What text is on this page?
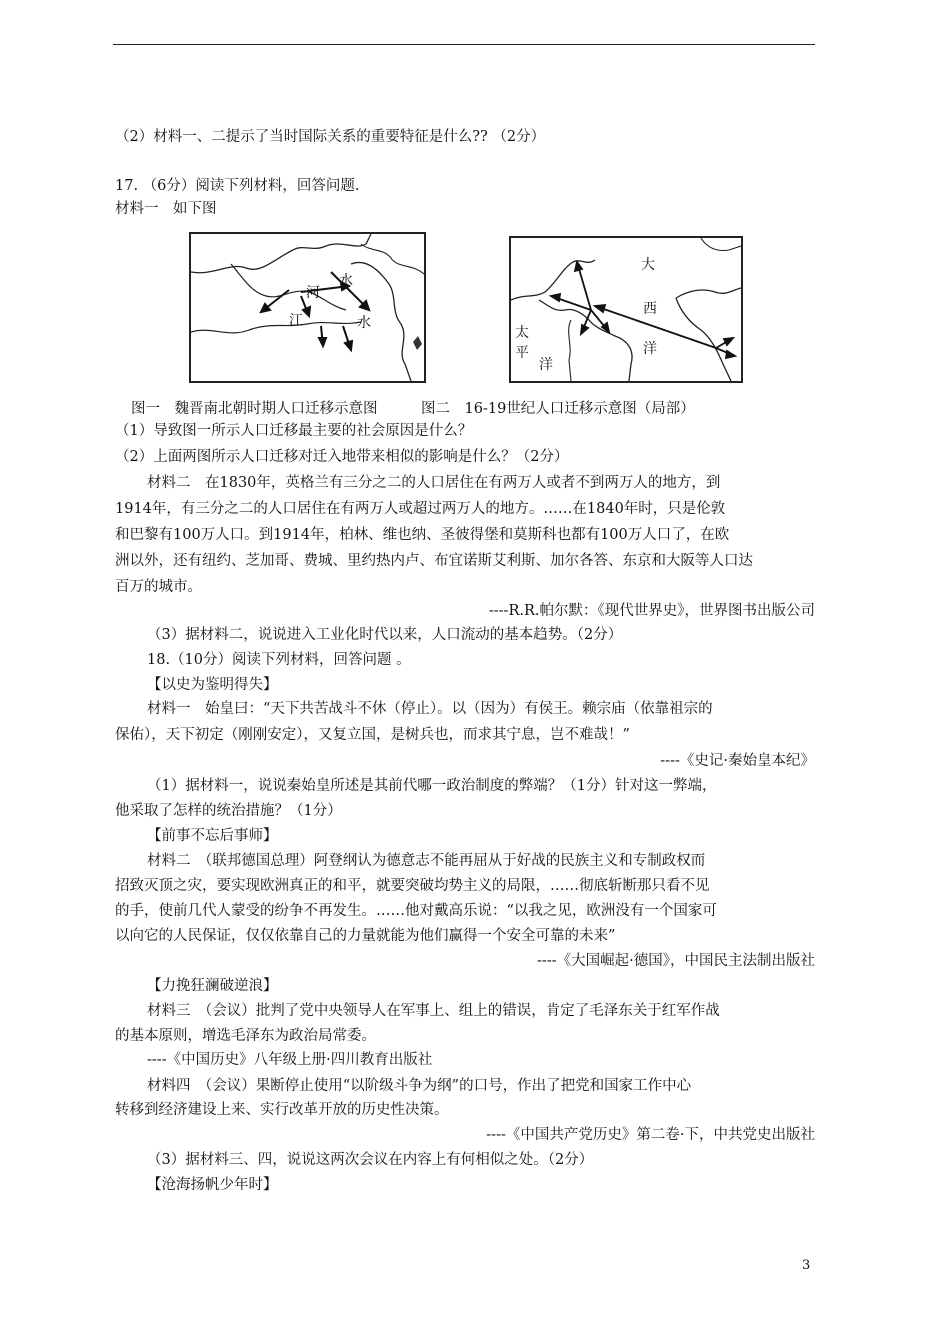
（2）材料一、二提示了当时国际关系的重要特征是什么?? （2分）
17. （6分）阅读下列材料，回答问题.
材料一　如下图
河
水
江	水
大
西
洋
太
平
洋
图一　魏晋南北朝时期人口迁移示意图　　　图二　16-19世纪人口迁移示意图（局部）
（1）导致图一所示人口迁移最主要的社会原因是什么？
（2）上面两图所示人口迁移对迁入地带来相似的影响是什么？（2分）
材料二　在1830年，英格兰有三分之二的人口居住在有两万人或者不到两万人的地方，到
1914年，有三分之二的人口居住在有两万人或超过两万人的地方。……在1840年时，只是伦敦
和巴黎有100万人口。到1914年，柏林、维也纳、圣彼得堡和莫斯科也都有100万人口了，在欧
洲以外，还有纽约、芝加哥、费城、里约热内卢、布宜诺斯艾利斯、加尔各答、东京和大阪等人口达
百万的城市。
----R.R.帕尔默：《现代世界史》，世界图书出版公司
（3）据材料二，说说进入工业化时代以来，人口流动的基本趋势。（2分）
18.（10分）阅读下列材料，回答问题 。
【以史为鉴明得失】
材料一　始皇曰：“天下共苦战斗不休（停止）。以（因为）有侯王。赖宗庙（依靠祖宗的
保佑），天下初定（刚刚安定），又复立国，是树兵也，而求其宁息，岂不难哉！”
----《史记·秦始皇本纪》
（1）据材料一，说说秦始皇所述是其前代哪一政治制度的弊端？（1分）针对这一弊端，
他采取了怎样的统治措施？（1分）
【前事不忘后事师】
材料二　（联邦德国总理）阿登纲认为德意志不能再屈从于好战的民族主义和专制政权而
招致灭顶之灾，要实现欧洲真正的和平，就要突破均势主义的局限，……彻底斩断那只看不见
的手，使前几代人蒙受的纷争不再发生。……他对戴高乐说：“以我之见，欧洲没有一个国家可
以向它的人民保证，仅仅依靠自己的力量就能为他们赢得一个安全可靠的未来”
----《大国崛起·德国》，中国民主法制出版社
【力挽狂澜破逆浪】
材料三　（会议）批判了党中央领导人在军事上、组上的错误，肯定了毛泽东关于红军作战
的基本原则，增选毛泽东为政治局常委。
----《中国历史》八年级上册·四川教育出版社
材料四　（会议）果断停止使用“以阶级斗争为纲”的口号，作出了把党和国家工作中心
转移到经济建设上来、实行改革开放的历史性决策。
----《中国共产党历史》第二卷·下，中共党史出版社
（3）据材料三、四，说说这两次会议在内容上有何相似之处。（2分）
【沧海扬帆少年时】
3
